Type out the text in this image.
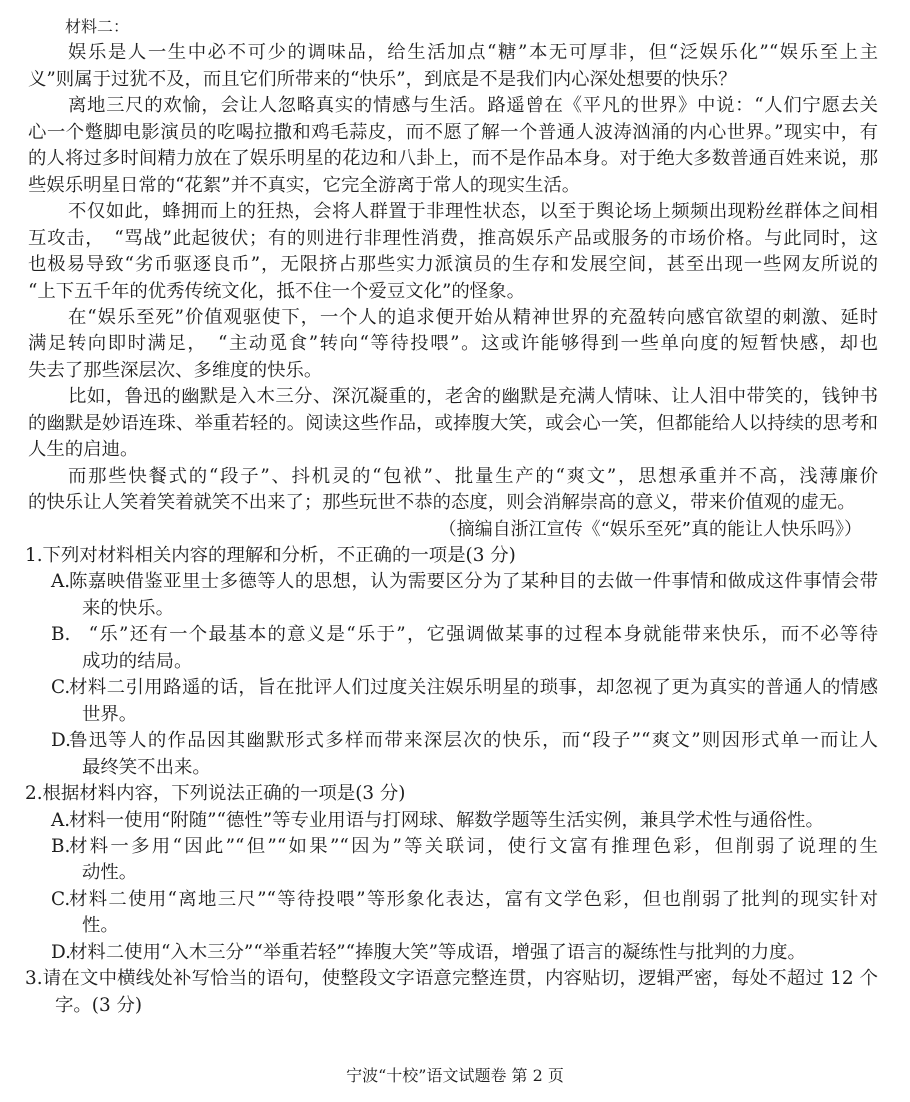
材料二：
娱乐是人一生中必不可少的调味品，给生活加点“糖”本无可厚非，但“泛娱乐化”“娱乐至上主
义”则属于过犹不及，而且它们所带来的“快乐”，到底是不是我们内心深处想要的快乐？
离地三尺的欢愉，会让人忽略真实的情感与生活。路遥曾在《平凡的世界》中说：“人们宁愿去关
心一个蹩脚电影演员的吃喝拉撒和鸡毛蒜皮，而不愿了解一个普通人波涛汹涌的内心世界。”现实中，有
的人将过多时间精力放在了娱乐明星的花边和八卦上，而不是作品本身。对于绝大多数普通百姓来说，那
些娱乐明星日常的“花絮”并不真实，它完全游离于常人的现实生活。
不仅如此，蜂拥而上的狂热，会将人群置于非理性状态，以至于舆论场上频频出现粉丝群体之间相
互攻击，　“骂战”此起彼伏；有的则进行非理性消费，推高娱乐产品或服务的市场价格。与此同时，这
也极易导致“劣币驱逐良币”，无限挤占那些实力派演员的生存和发展空间，甚至出现一些网友所说的
“上下五千年的优秀传统文化，抵不住一个爱豆文化”的怪象。
在“娱乐至死”价值观驱使下，一个人的追求便开始从精神世界的充盈转向感官欲望的刺激、延时
满足转向即时满足，　“主动觅食”转向“等待投喂”。这或许能够得到一些单向度的短暂快感，却也
失去了那些深层次、多维度的快乐。
比如，鲁迅的幽默是入木三分、深沉凝重的，老舍的幽默是充满人情味、让人泪中带笑的，钱钟书
的幽默是妙语连珠、举重若轻的。阅读这些作品，或捧腹大笑，或会心一笑，但都能给人以持续的思考和
人生的启迪。
而那些快餐式的“段子”、抖机灵的“包袱”、批量生产的“爽文”，思想承重并不高，浅薄廉价
的快乐让人笑着笑着就笑不出来了；那些玩世不恭的态度，则会消解崇高的意义，带来价值观的虚无。
1.下列对材料相关内容的理解和分析，不正确的一项是(3 分)
A.
陈嘉映借鉴亚里士多德等人的思想，认为需要区分为了某种目的去做一件事情和做成这件事情会带
来的快乐。
B.
　“乐”还有一个最基本的意义是“乐于”，它强调做某事的过程本身就能带来快乐，而不必等待
成功的结局。
C.
材料二引用路遥的话，旨在批评人们过度关注娱乐明星的琐事，却忽视了更为真实的普通人的情感
世界。
D.
鲁迅等人的作品因其幽默形式多样而带来深层次的快乐，而“段子”“爽文”则因形式单一而让人
最终笑不出来。
2.根据材料内容，下列说法正确的一项是(3 分)
A.
材料一使用“附随”“德性”等专业用语与打网球、解数学题等生活实例，兼具学术性与通俗性。
B.
材料一多用“因此”“但”“如果”“因为”等关联词，使行文富有推理色彩，但削弱了说理的生
动性。
C.
材料二使用“离地三尺”“等待投喂”等形象化表达，富有文学色彩，但也削弱了批判的现实针对
性。
D.
材料二使用“入木三分”“举重若轻”“捧腹大笑”等成语，增强了语言的凝练性与批判的力度。
3.请在文中横线处补写恰当的语句，使整段文字语意完整连贯，内容贴切，逻辑严密，每处不超过 12 个
字。(3 分)
（摘编自浙江宣传《“娱乐至死”真的能让人快乐吗》）
宁波“十校”语文试题卷 第 2 页
